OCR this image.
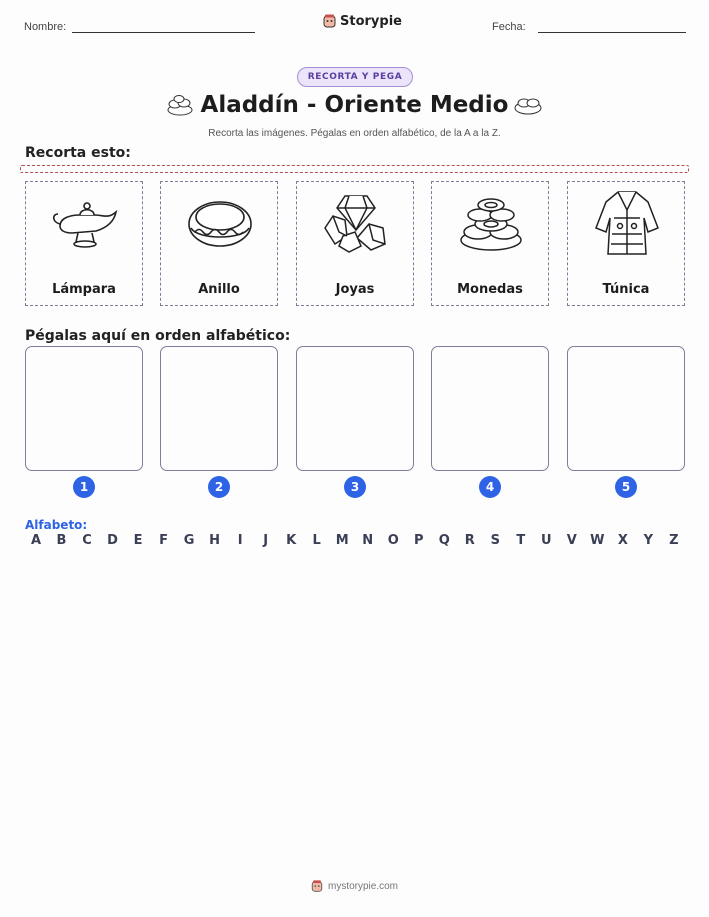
Nombre:	Storypie	Fecha:
RECORTA Y PEGA
Aladdín - Oriente Medio
Recorta las imágenes. Pégalas en orden alfabético, de la A a la Z.
Recorta esto:
Lámpara	Anillo	Joyas	Monedas	Túnica
Pégalas aquí en orden alfabético:
1	2	3	4	5
Alfabeto:
A	B	C	D	E	F	G	H	I	J	K	L	M	N	O	P	Q	R	S	T	U	V	W	X	Y	Z
mystorypie.com
